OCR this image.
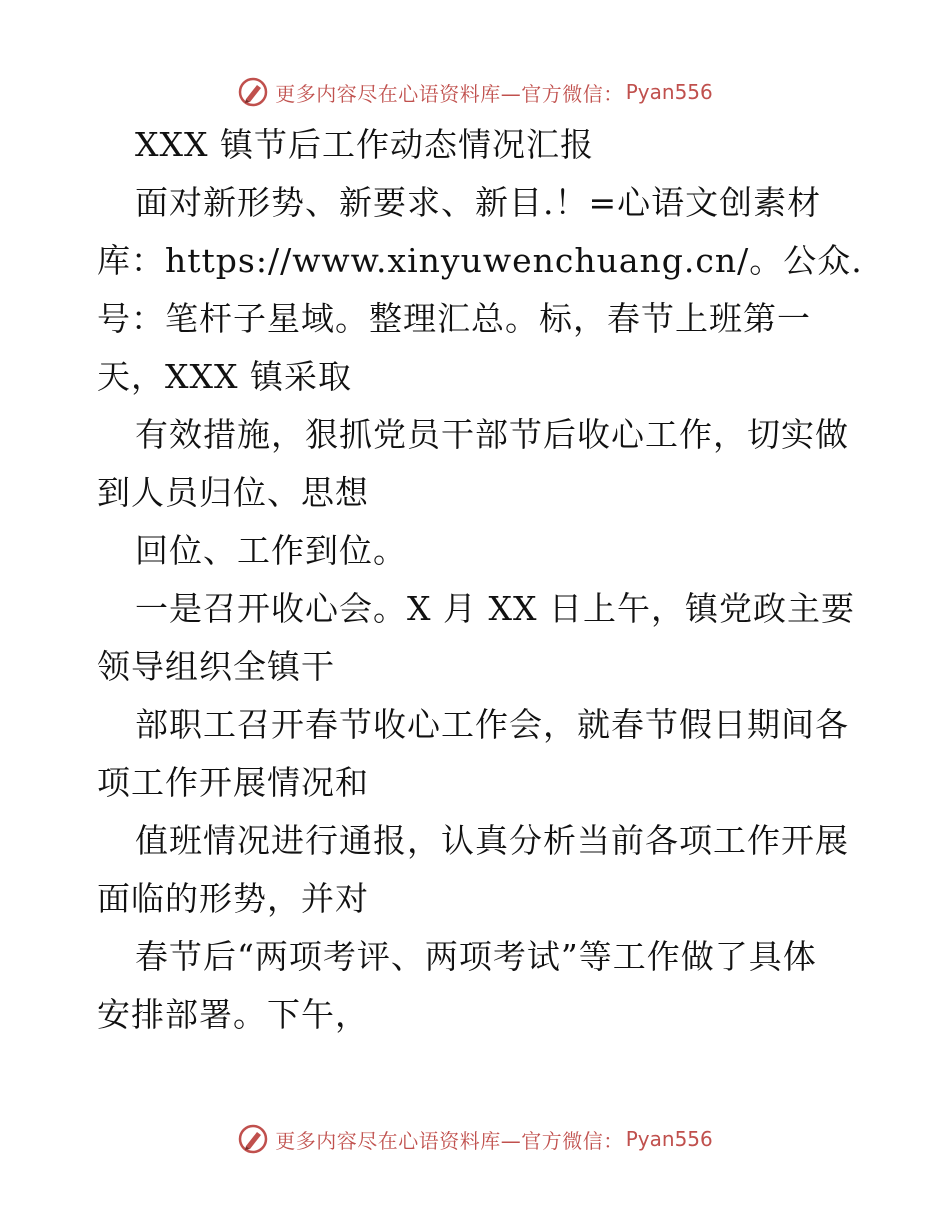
更多内容尽在心语资料库—官方微信： Pyan556
XXX 镇节后工作动态情况汇报
面对新形势、新要求、新目.！=心语文创素材
库：https://www.xinyuwenchuang.cn/。公众.
号：笔杆子星域。整理汇总。标，春节上班第一
天，XXX 镇采取
有效措施，狠抓党员干部节后收心工作，切实做
到人员归位、思想
回位、工作到位。
一是召开收心会。X 月 XX 日上午，镇党政主要
领导组织全镇干
部职工召开春节收心工作会，就春节假日期间各
项工作开展情况和
值班情况进行通报，认真分析当前各项工作开展
面临的形势，并对
春节后“两项考评、两项考试”等工作做了具体
安排部署。下午，
更多内容尽在心语资料库—官方微信： Pyan556
